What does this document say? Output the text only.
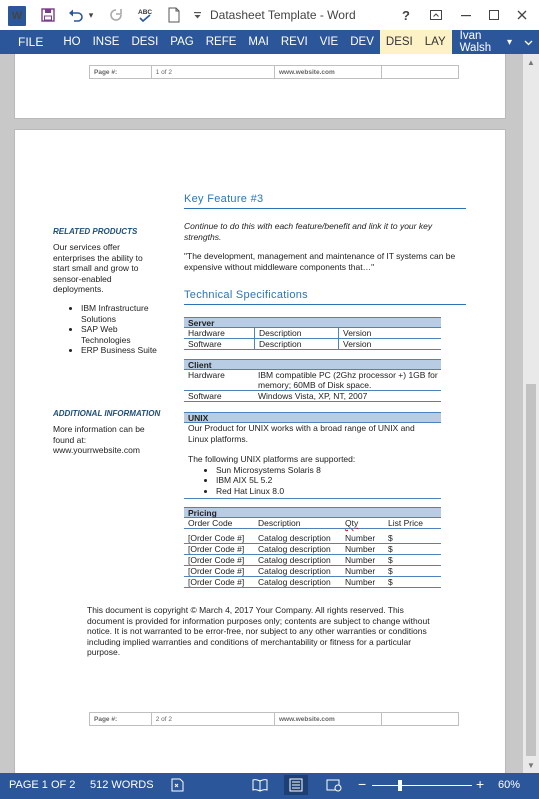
W	▾	ABC	Datasheet Template - Word	?
FILE	HO	INSE	DESI	PAG	REFE	MAI	REVI	VIE	DEV	DESI	LAY	Ivan Walsh	▾
Page #:	1 of 2	www.website.com
RELATED PRODUCTS
Our services offer enterprises the ability to start small and grow to sensor-enabled deployments.
• IBM Infrastructure Solutions
• SAP Web Technologies
• ERP Business Suite
ADDITIONAL INFORMATION
More information can be found at:
www.yourrwebsite.com
Key Feature #3
Continue to do this with each feature/benefit and link it to your key strengths.
"The development, management and maintenance of IT systems can be expensive without middleware components that…"
Technical Specifications
Server
Hardware	Description	Version
Software	Description	Version
Client
Hardware	IBM compatible PC (2Ghz processor +) 1GB for memory; 60MB of Disk space.
Software	Windows Vista, XP, NT, 2007
UNIX
Our Product for UNIX works with a broad range of UNIX and Linux platforms.
The following UNIX platforms are supported:
• Sun Microsystems Solaris 8
• IBM AIX 5L 5.2
• Red Hat Linux 8.0
Pricing
Order Code	Description	Qty	List Price
[Order Code #]	Catalog description	Number	$
[Order Code #]	Catalog description	Number	$
[Order Code #]	Catalog description	Number	$
[Order Code #]	Catalog description	Number	$
[Order Code #]	Catalog description	Number	$
This document is copyright © March 4, 2017 Your Company. All rights reserved. This document is provided for information purposes only; contents are subject to change without notice. It is not warranted to be error-free, nor subject to any other warranties or conditions including implied warranties and conditions of merchantability or fitness for a particular purpose.
Page #:	2 of 2	www.website.com
▲
▼
PAGE 1 OF 2 512 WORDS	−	+ 60%
